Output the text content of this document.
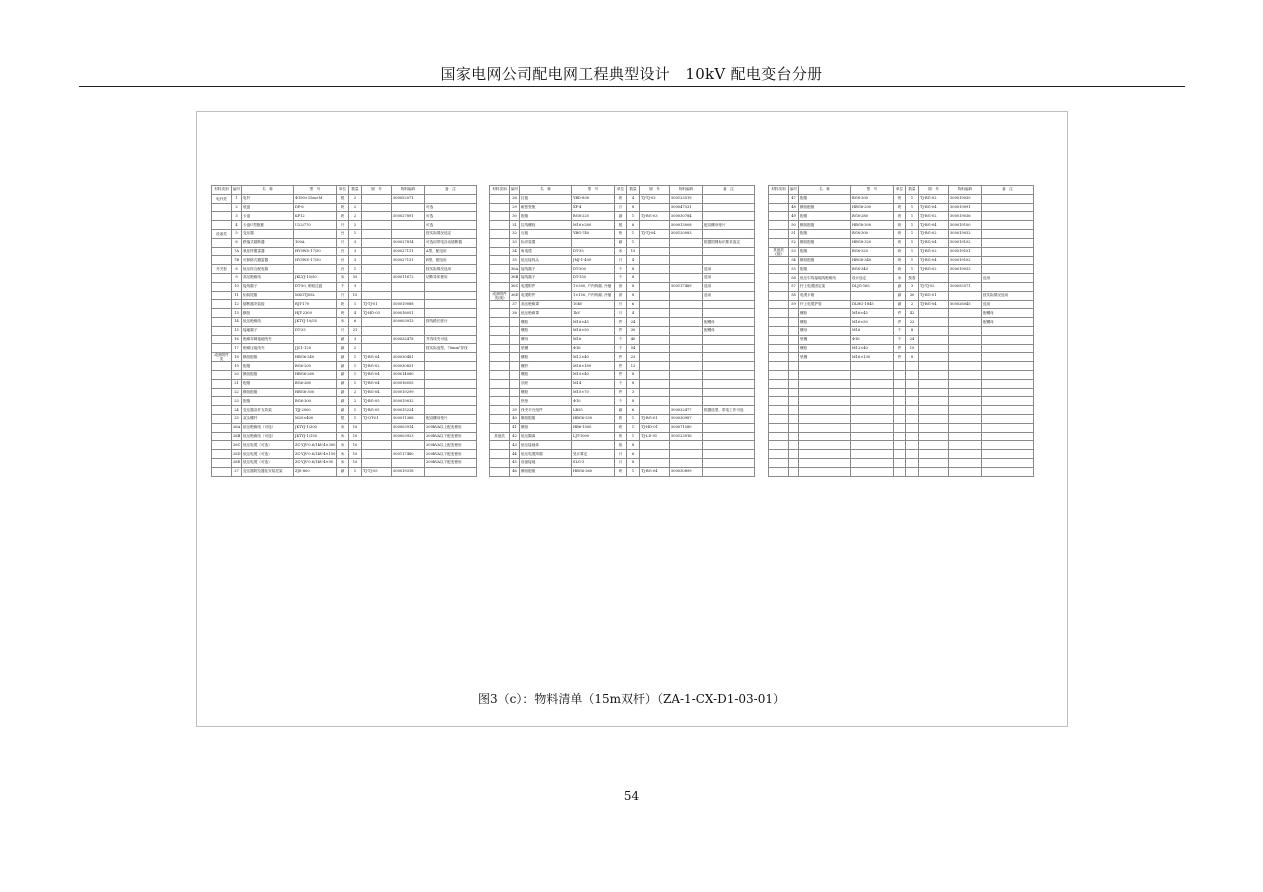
国家电网公司配电网工程典型设计　10kV 配电变台分册
材料类别	编号	名　称	型　号	单位	数量	图　号	物料编码	备　注
电杆类	1	电杆	Φ190×15m×M	根	2		500052071	
	2	底盘	DP-6	块	2			可选
	3	卡盘	KP12	块	2		500027891	可选
	4	卡盘U型抱箍	U22/770	只	2			可选
设备类	5	变压器		台	1			按实际情况选定
	6	跌落式熔断器	100A	只	3		500027814	可选用带电自动熔断器
	7A	氧化锌避雷器	HY5WS-17/50	台	3		500027111	A型，配电用
	7B	可卸除式避雷器	HY5WS-17/50	台	3		500027151	B型，配电用
开关柜	8	低压综合配电箱		台	1			按实际情况选用
	9	高压绝缘线	JKLYJ-10/50	米	55		500011672	切断导体使用
	10	接线端子	DT-50, 铜铝过渡	个	3			
	11	铝装尾箍	MSGTJ05L	只	15			
	12	熔断器安装板	RJT-170	块	1	TJ-TJ-01	500019088	
	13	横担	HJT-2300	块	4	TJ-HD-03	500016051	
	14	低压绝缘线	JKTYJ-10/55	米	6		500003913	按线路长度计
	15	接地端子	DT-35	只	21			
	16	绝缘穿刺接地线夹		副	3		500032478	并沟线夹可选
	17	绝缘压接线夹	JJC1-120	副	2			按实际选型，70mm²导线
成套附件类	18	横担抱箍	HBG6-240	副	1	TJ-BG-04	500030481	
	19	抱箍	BG6-200	副	1	TJ-BG-02	500030831	
	20	横担抱箍	HBG6-260	副	1	TJ-BG-04	500014080	
	21	抱箍	BG6-260	副	1	TJ-BG-04	500016055	
	22	横担抱箍	HBG6-300	副	2	TJ-BG-04	500019299	
	23	抱箍	BG6-300	副	2	TJ-BG-05	500019032	
	24	变压器双杆支持架	TJJ-2000	副	1	TJ-BG-05	500015224	
	25	双头螺杆	M20×400	根	1	TJ-QT-01	500011368	配双螺母垫片
	26A	低压绝缘线（可选）	JKTYJ-1/300	米	10		500003914	200kVA以上配变使用
	26B	低压绝缘线（可选）	JKTYJ-1/150	米	10		500003923	200kVA以下配变使用
	26C	低压电缆（可选）	ZC-YJV-0.6/1kV-4×300	米	10			200kVA以上配变使用
	26D	低压电缆（可选）	ZC-YJV-0.6/1kV-4×150	米	10		500117480	200kVA以下配变使用
	26E	低压电缆（可选）	ZC-YJV-0.6/1kV-4×95	米	10			200kVA以下配变使用
	27	变压器防坠器及安装托架	ZJS-800	副	1	TJ-TJ-05	500019318	
材料类别	编号	名　称	型　号	单位	数量	图　号	物料编码	备　注
	28	拉板	YBD-800	块	4	TJ-TJ-03	500123519	
	29	耐张瓷瓶	XP-4	只	8		500047531	
	30	抱箍	BG8-220	副	1	TJ-BG-03	500030784	
	31	拉线螺栓	M16×280	根	8		500013008	配双螺母垫片
	32	压板	YBG-740	块	1	TJ-TJ-04	500120083	
	33	标识装置		副	1			根据国网标识要求选定
	34	角电缆	DT-35	米	15			
	35	低压接线头	JMJ-1-400	只	4			
	36A	接线端子	DT-300	个	8			选用
	36B	接线端子	DT-150	个	8			选用
	36C	电缆附件	1×300, 户内终端, 冷缩	套	8		500117489	选用
成套附件类(续)	36D	电缆附件	1×150, 户内终端, 冷缩	套	8			选用
	37	高压绝缘罩	10kV	只	6			
	38	低压绝缘罩	1kV	只	4			
		螺栓	M16×45	件	24			配螺母
		螺栓	M16×50	件	30			配螺母
		螺母	M16	个	40			
		垫圈	Φ16	个	54			
		螺栓	M12×40	件	23			
		螺杆	M16×180	件	12			
		螺栓	M10×40	件	8			
		顶丝	M14	个	8			
		螺栓	M10×70	件	3			
		热垫	Φ10	个	8			
	39	线夹平台组件	LB35	副	6		500032477	根据选型，带电工作可选
	40	横担抱箍	HBG6-250	块	1	TJ-BG-01	500030987	
	41	横担	HB6-1500	块	1	TJ-HD-01	500071580	
其他类	42	低压隔离	LJT-1000	块	1	TJ-LD-01	500123916	
	43	低压接地体		组	8			
	44	低压电缆终端	见计算定	只	6			
	45	设备接地	SLG-3	只	8			
	46	横担抱箍	HBG6-260	块	1	TJ-BG-04	500030899	
材料类别	编号	名　称	型　号	单位	数量	图　号	物料编码	备　注
	47	抱箍	BG8-200	块	1	TJ-BG-02	500019035	
	48	横担抱箍	HBG8-200	块	1	TJ-BG-04	500019091	
	49	抱箍	BG8-280	块	1	TJ-BG-02	500019036	
	50	横担抱箍	HBG8-300	块	1	TJ-BG-04	500019100	
	51	抱箍	BG8-300	块	1	TJ-BG-02	500019032	
	52	横担抱箍	HBG8-320	块	1	TJ-BG-04	500019102	
其他类(续)	53	抱箍	BG8-320	块	1	TJ-BG-02	500019101	
	54	横担抱箍	HBG8-340	块	1	TJ-BG-04	500019102	
	55	抱箍	BG8-340	块	1	TJ-BG-02	500019033	
	56	低压引线接地线绝缘线	设计选定	米	按需			选用
	57	杆上电缆固定架	DLJG-165	副	3	TJ-TJ-02	500055571	
	58	电缆卡箍		副	30	TJ-BG-01		按实际情况选用
	59	杆上电缆护管	DLHG-1845	副	2	TJ-BG-04	500026045	选用
		螺栓	M16×45	件	42			配螺母
		螺栓	M16×50	件	22			配螺母
		螺母	M16	个	8			
		垫圈	Φ16	个	24			
		螺栓	M12×40	件	10			
		垫圈	M16×130	件	8			

图3（c）：物料清单（15m双杆）（ZA-1-CX-D1-03-01）
54
